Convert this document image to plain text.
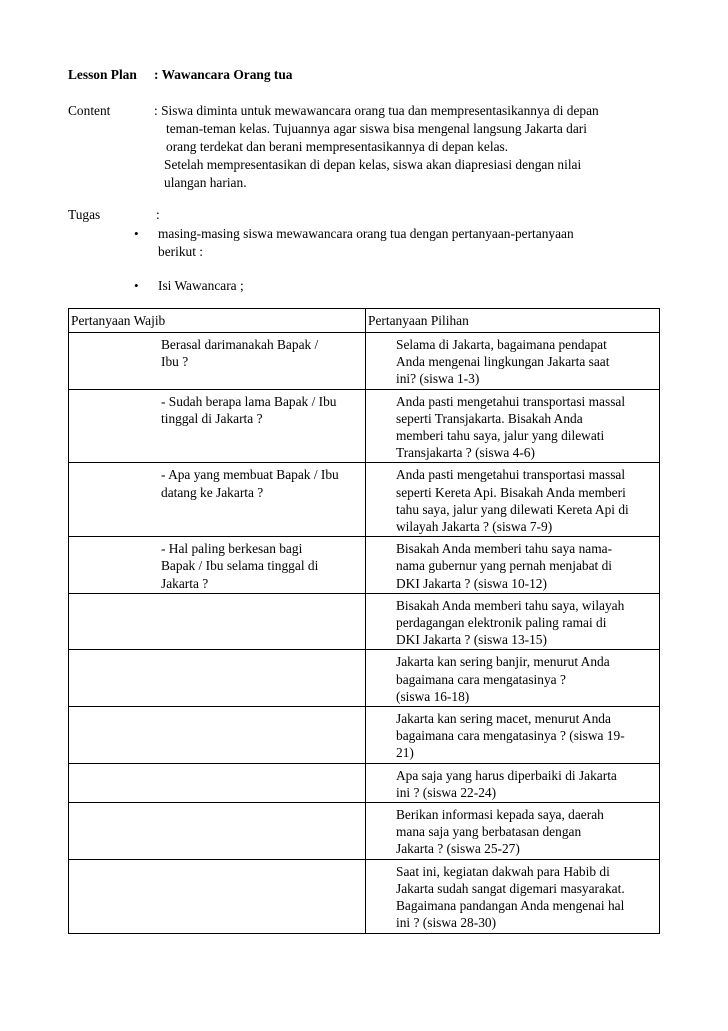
Lesson Plan : Wawancara Orang tua
Content	: Siswa diminta untuk mewawancara orang tua dan mempresentasikannya di depan
teman-teman kelas. Tujuannya agar siswa bisa mengenal langsung Jakarta dari
orang terdekat dan berani mempresentasikannya di depan kelas.
Setelah mempresentasikan di depan kelas, siswa akan diapresiasi dengan nilai
ulangan harian.
Tugas	:
• masing-masing siswa mewawancara orang tua dengan pertanyaan-pertanyaan
berikut :
• Isi Wawancara ;
Pertanyaan Wajib	Pertanyaan Pilihan

Berasal darimanakah Bapak /
Ibu ?	Selama di Jakarta, bagaimana pendapat
Anda mengenai lingkungan Jakarta saat
ini? (siswa 1-3)

- Sudah berapa lama Bapak / Ibu
tinggal di Jakarta ?	Anda pasti mengetahui transportasi massal
seperti Transjakarta. Bisakah Anda
memberi tahu saya, jalur yang dilewati
Transjakarta ? (siswa 4-6)

- Apa yang membuat Bapak / Ibu
datang ke Jakarta ?	Anda pasti mengetahui transportasi massal
seperti Kereta Api. Bisakah Anda memberi
tahu saya, jalur yang dilewati Kereta Api di
wilayah Jakarta ? (siswa 7-9)

- Hal paling berkesan bagi
Bapak / Ibu selama tinggal di
Jakarta ?	Bisakah Anda memberi tahu saya nama-
nama gubernur yang pernah menjabat di
DKI Jakarta ? (siswa 10-12)

	Bisakah Anda memberi tahu saya, wilayah
perdagangan elektronik paling ramai di
DKI Jakarta ? (siswa 13-15)

	Jakarta kan sering banjir, menurut Anda
bagaimana cara mengatasinya ?
(siswa 16-18)

	Jakarta kan sering macet, menurut Anda
bagaimana cara mengatasinya ? (siswa 19-
21)

	Apa saja yang harus diperbaiki di Jakarta
ini ? (siswa 22-24)

	Berikan informasi kepada saya, daerah
mana saja yang berbatasan dengan
Jakarta ? (siswa 25-27)

	Saat ini, kegiatan dakwah para Habib di
Jakarta sudah sangat digemari masyarakat.
Bagaimana pandangan Anda mengenai hal
ini ? (siswa 28-30)
